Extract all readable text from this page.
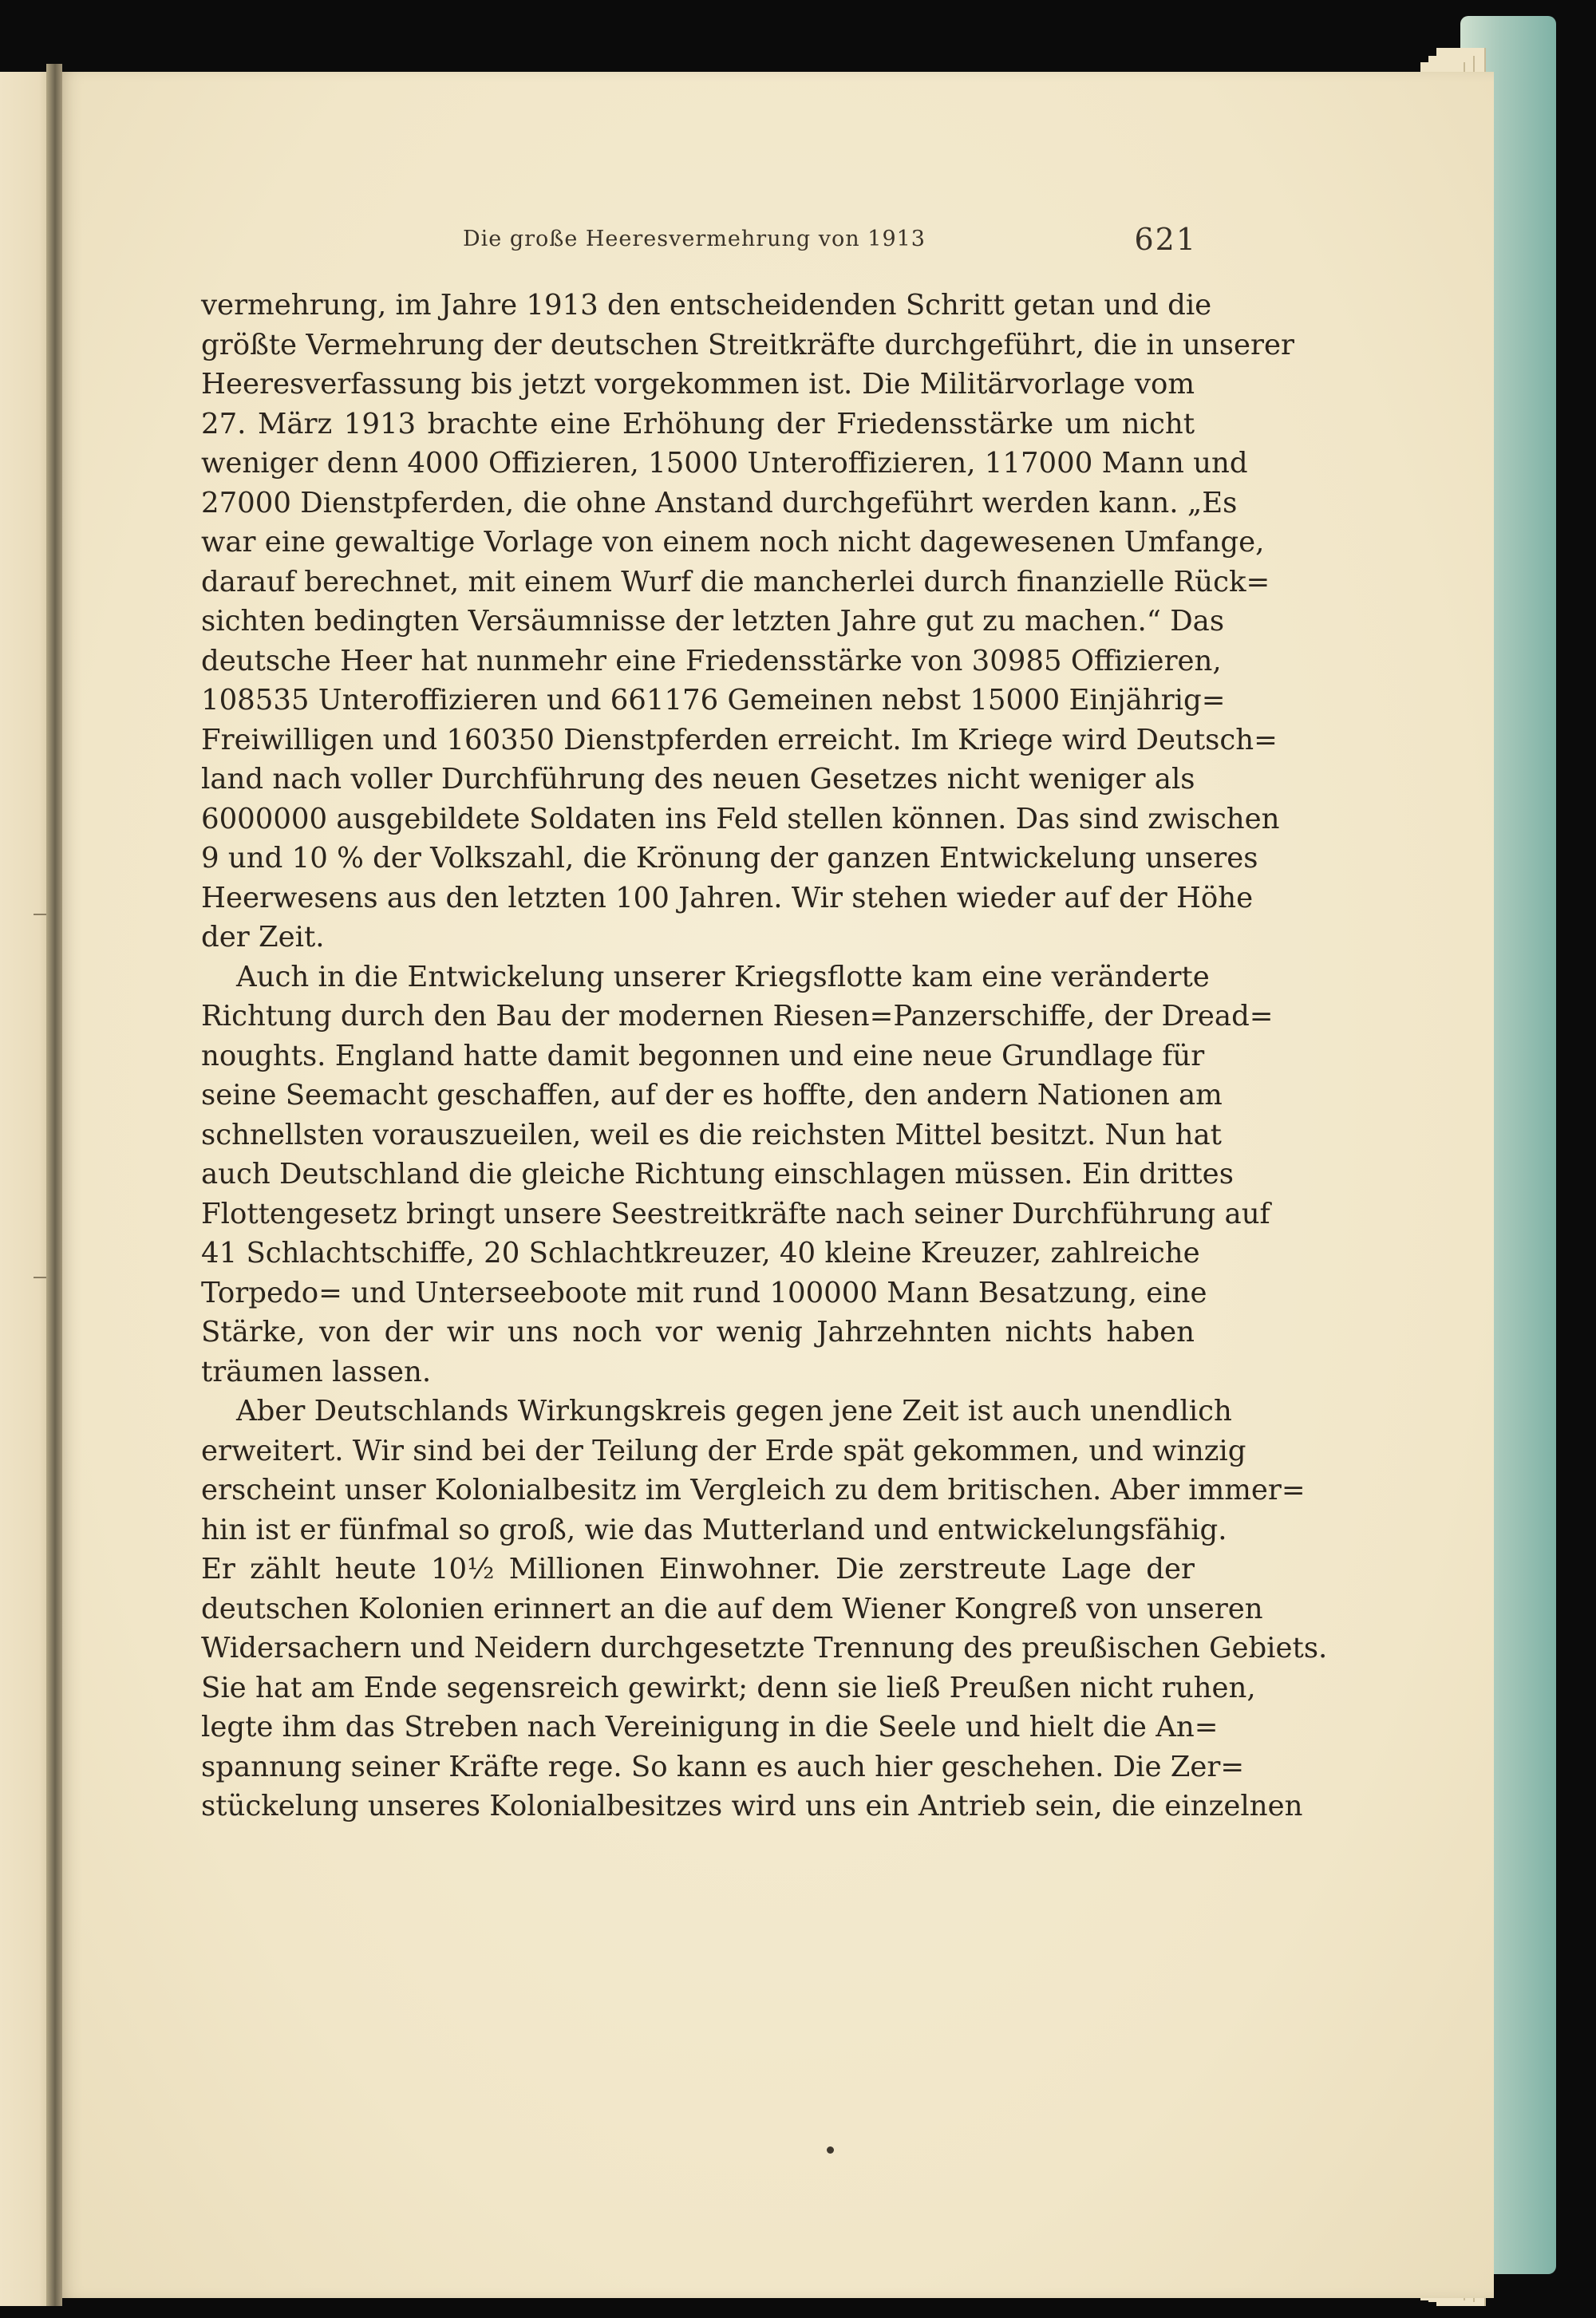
Die große Heeresvermehrung von 1913	621
vermehrung, im Jahre 1913 den entscheidenden Schritt getan und die
größte Vermehrung der deutschen Streitkräfte durchgeführt, die in unserer
Heeresverfassung bis jetzt vorgekommen ist. Die Militärvorlage vom
27. März 1913 brachte eine Erhöhung der Friedensstärke um nicht
weniger denn 4000 Offizieren, 15000 Unteroffizieren, 117000 Mann und
27000 Dienstpferden, die ohne Anstand durchgeführt werden kann. „Es
war eine gewaltige Vorlage von einem noch nicht dagewesenen Umfange,
darauf berechnet, mit einem Wurf die mancherlei durch finanzielle Rück=
sichten bedingten Versäumnisse der letzten Jahre gut zu machen.“ Das
deutsche Heer hat nunmehr eine Friedensstärke von 30985 Offizieren,
108535 Unteroffizieren und 661176 Gemeinen nebst 15000 Einjährig=
Freiwilligen und 160350 Dienstpferden erreicht. Im Kriege wird Deutsch=
land nach voller Durchführung des neuen Gesetzes nicht weniger als
6000000 ausgebildete Soldaten ins Feld stellen können. Das sind zwischen
9 und 10 % der Volkszahl, die Krönung der ganzen Entwickelung unseres
Heerwesens aus den letzten 100 Jahren. Wir stehen wieder auf der Höhe
der Zeit.
Auch in die Entwickelung unserer Kriegsflotte kam eine veränderte
Richtung durch den Bau der modernen Riesen=Panzerschiffe, der Dread=
noughts. England hatte damit begonnen und eine neue Grundlage für
seine Seemacht geschaffen, auf der es hoffte, den andern Nationen am
schnellsten vorauszueilen, weil es die reichsten Mittel besitzt. Nun hat
auch Deutschland die gleiche Richtung einschlagen müssen. Ein drittes
Flottengesetz bringt unsere Seestreitkräfte nach seiner Durchführung auf
41 Schlachtschiffe, 20 Schlachtkreuzer, 40 kleine Kreuzer, zahlreiche
Torpedo= und Unterseeboote mit rund 100000 Mann Besatzung, eine
Stärke, von der wir uns noch vor wenig Jahrzehnten nichts haben
träumen lassen.
Aber Deutschlands Wirkungskreis gegen jene Zeit ist auch unendlich
erweitert. Wir sind bei der Teilung der Erde spät gekommen, und winzig
erscheint unser Kolonialbesitz im Vergleich zu dem britischen. Aber immer=
hin ist er fünfmal so groß, wie das Mutterland und entwickelungsfähig.
Er zählt heute 10½ Millionen Einwohner. Die zerstreute Lage der
deutschen Kolonien erinnert an die auf dem Wiener Kongreß von unseren
Widersachern und Neidern durchgesetzte Trennung des preußischen Gebiets.
Sie hat am Ende segensreich gewirkt; denn sie ließ Preußen nicht ruhen,
legte ihm das Streben nach Vereinigung in die Seele und hielt die An=
spannung seiner Kräfte rege. So kann es auch hier geschehen. Die Zer=
stückelung unseres Kolonialbesitzes wird uns ein Antrieb sein, die einzelnen
